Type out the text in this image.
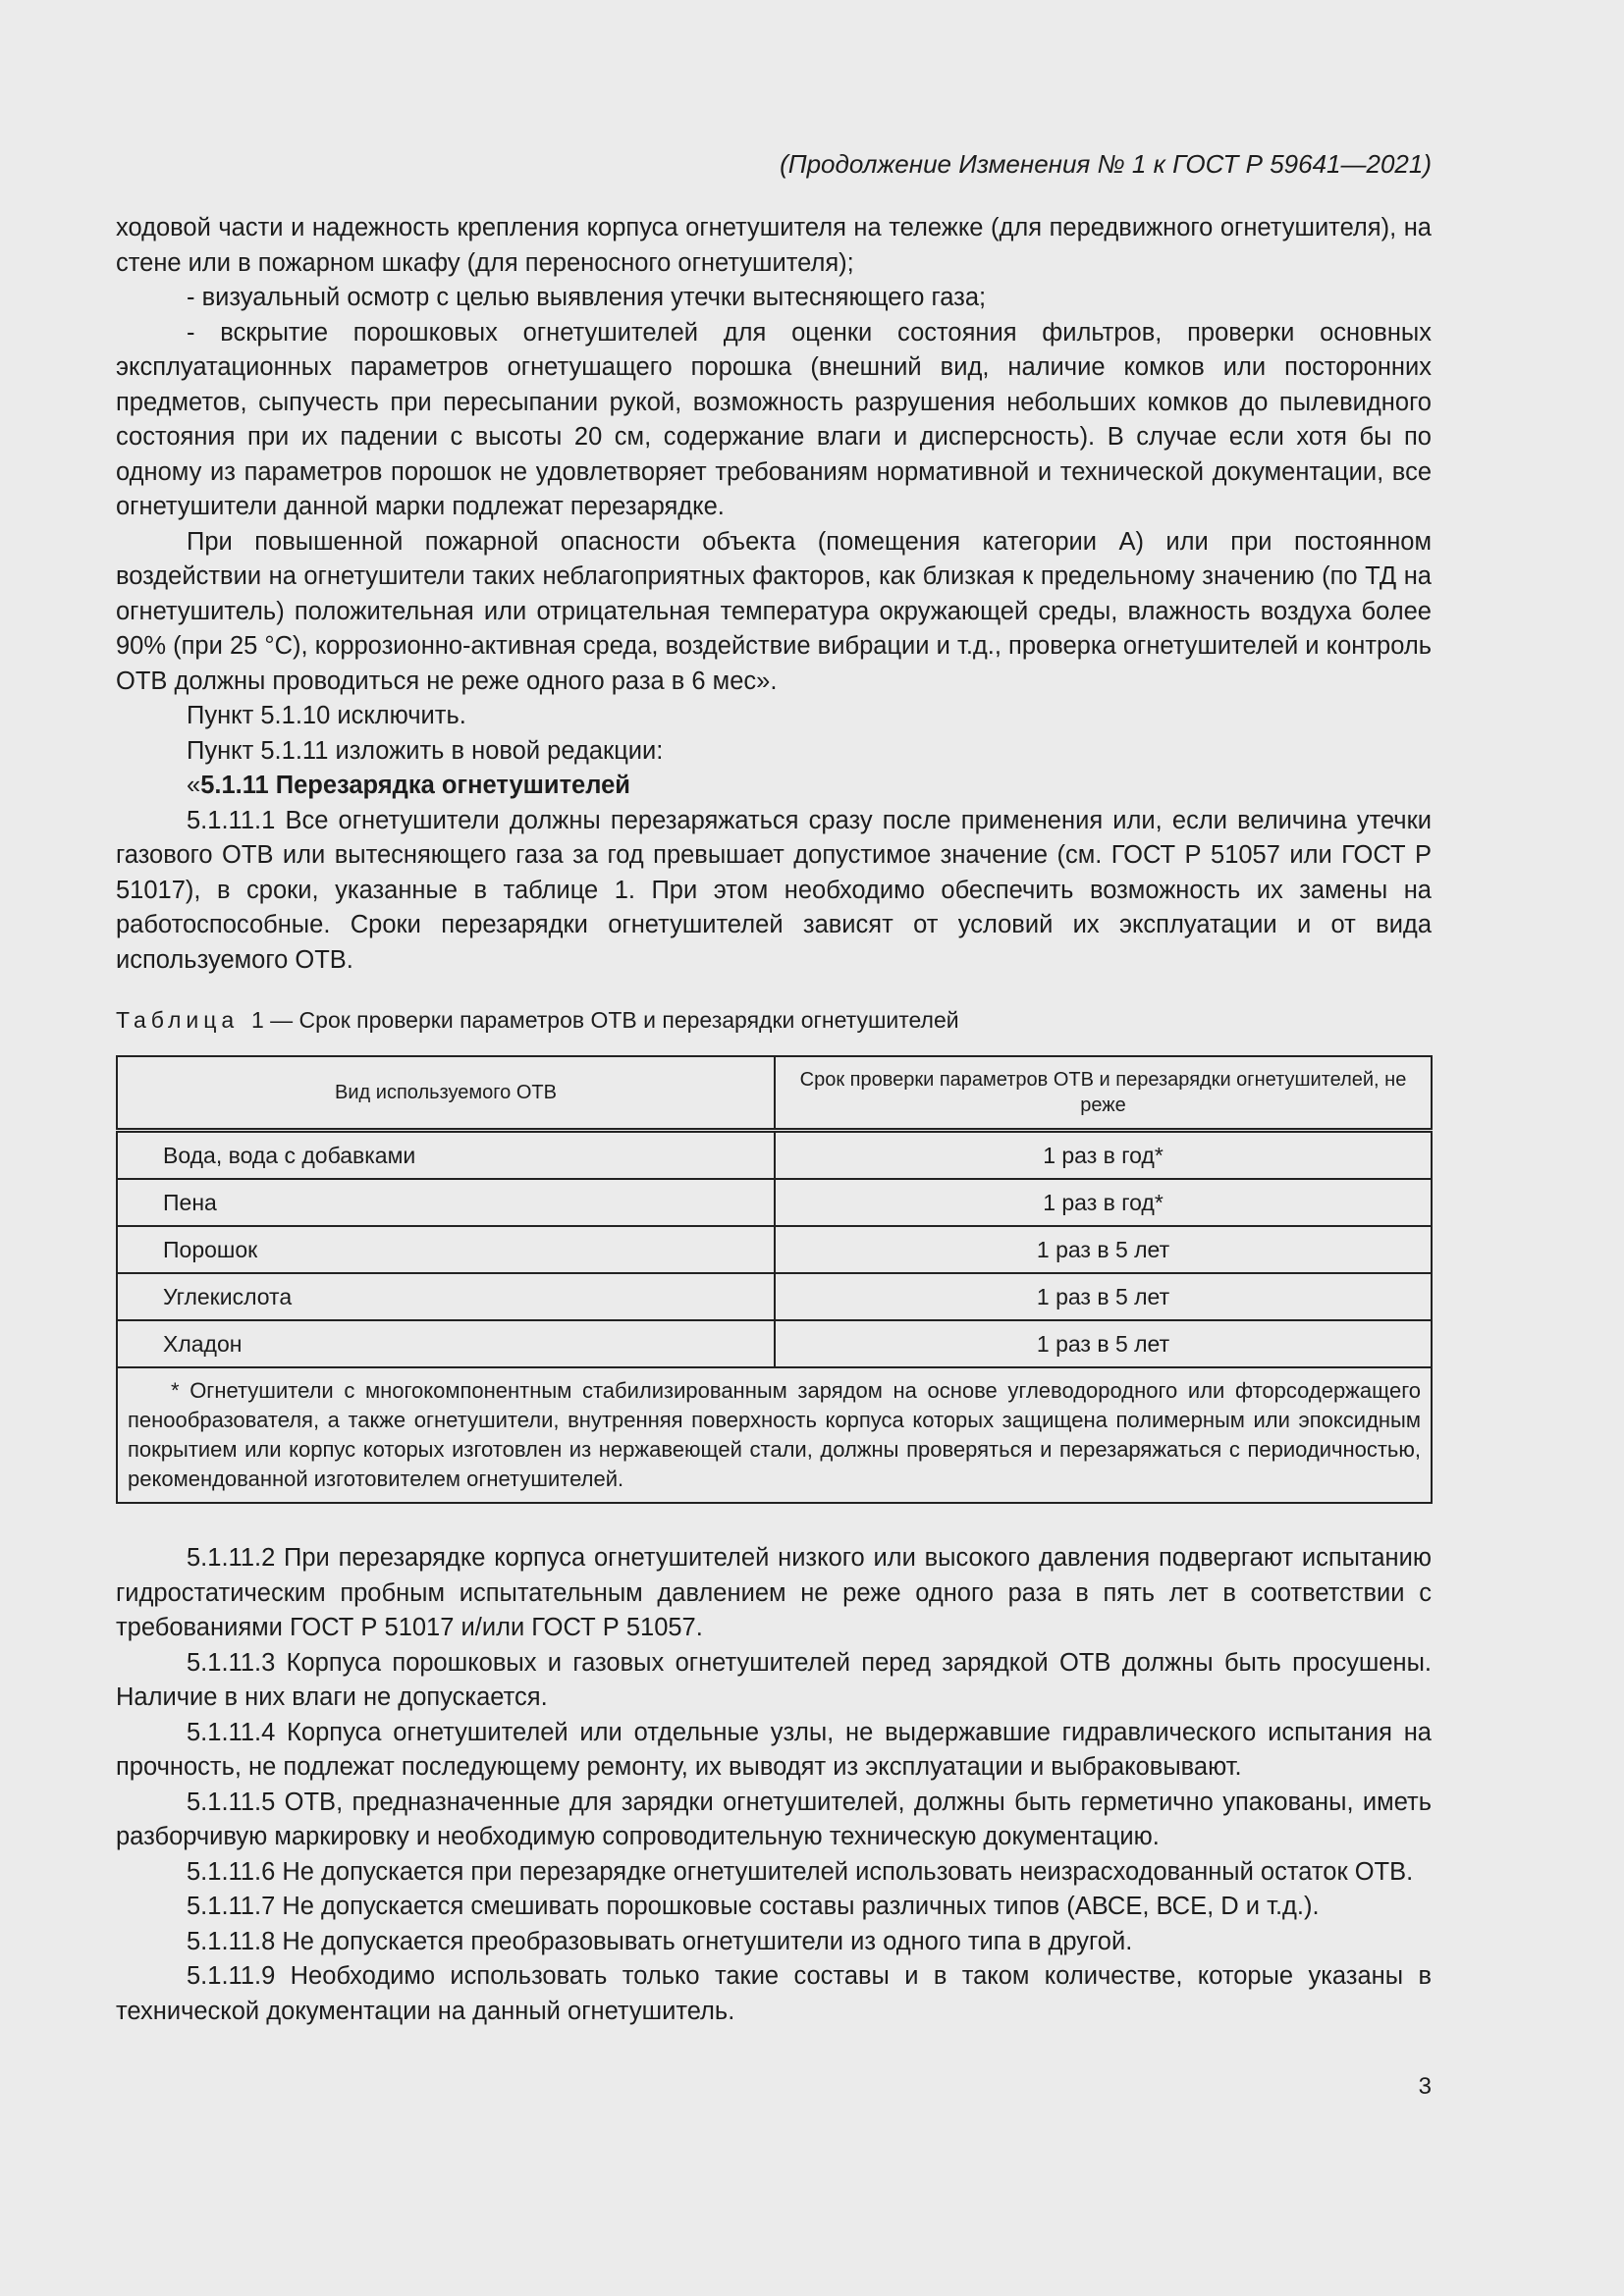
(Продолжение Изменения № 1 к ГОСТ Р 59641—2021)

ходовой части и надежность крепления корпуса огнетушителя на тележке (для передвижного огнетушителя), на стене или в пожарном шкафу (для переносного огнетушителя);

- визуальный осмотр с целью выявления утечки вытесняющего газа;

- вскрытие порошковых огнетушителей для оценки состояния фильтров, проверки основных эксплуатационных параметров огнетушащего порошка (внешний вид, наличие комков или посторонних предметов, сыпучесть при пересыпании рукой, возможность разрушения небольших комков до пылевидного состояния при их падении с высоты 20 см, содержание влаги и дисперсность). В случае если хотя бы по одному из параметров порошок не удовлетворяет требованиям нормативной и технической документации, все огнетушители данной марки подлежат перезарядке.

При повышенной пожарной опасности объекта (помещения категории А) или при постоянном воздействии на огнетушители таких неблагоприятных факторов, как близкая к предельному значению (по ТД на огнетушитель) положительная или отрицательная температура окружающей среды, влажность воздуха более 90% (при 25 °С), коррозионно-активная среда, воздействие вибрации и т.д., проверка огнетушителей и контроль ОТВ должны проводиться не реже одного раза в 6 мес».

Пункт 5.1.10 исключить.

Пункт 5.1.11 изложить в новой редакции:

«5.1.11 Перезарядка огнетушителей

5.1.11.1 Все огнетушители должны перезаряжаться сразу после применения или, если величина утечки газового ОТВ или вытесняющего газа за год превышает допустимое значение (см. ГОСТ Р 51057 или ГОСТ Р 51017), в сроки, указанные в таблице 1. При этом необходимо обеспечить возможность их замены на работоспособные. Сроки перезарядки огнетушителей зависят от условий их эксплуатации и от вида используемого ОТВ.

Таблица 1 — Срок проверки параметров ОТВ и перезарядки огнетушителей
Вид используемого ОТВ	Срок проверки параметров ОТВ и перезарядки огнетушителей, не реже
Вода, вода с добавками	1 раз в год*
Пена	1 раз в год*
Порошок	1 раз в 5 лет
Углекислота	1 раз в 5 лет
Хладон	1 раз в 5 лет
* Огнетушители с многокомпонентным стабилизированным зарядом на основе углеводородного или фторсодержащего пенообразователя, а также огнетушители, внутренняя поверхность корпуса которых защищена полимерным или эпоксидным покрытием или корпус которых изготовлен из нержавеющей стали, должны проверяться и перезаряжаться с периодичностью, рекомендованной изготовителем огнетушителей.	

5.1.11.2 При перезарядке корпуса огнетушителей низкого или высокого давления подвергают испытанию гидростатическим пробным испытательным давлением не реже одного раза в пять лет в соответствии с требованиями ГОСТ Р 51017 и/или ГОСТ Р 51057.

5.1.11.3 Корпуса порошковых и газовых огнетушителей перед зарядкой ОТВ должны быть просушены. Наличие в них влаги не допускается.

5.1.11.4 Корпуса огнетушителей или отдельные узлы, не выдержавшие гидравлического испытания на прочность, не подлежат последующему ремонту, их выводят из эксплуатации и выбраковывают.

5.1.11.5 ОТВ, предназначенные для зарядки огнетушителей, должны быть герметично упакованы, иметь разборчивую маркировку и необходимую сопроводительную техническую документацию.

5.1.11.6 Не допускается при перезарядке огнетушителей использовать неизрасходованный остаток ОТВ.

5.1.11.7 Не допускается смешивать порошковые составы различных типов (АВСЕ, ВСЕ, D и т.д.).

5.1.11.8 Не допускается преобразовывать огнетушители из одного типа в другой.

5.1.11.9 Необходимо использовать только такие составы и в таком количестве, которые указаны в технической документации на данный огнетушитель.

3
